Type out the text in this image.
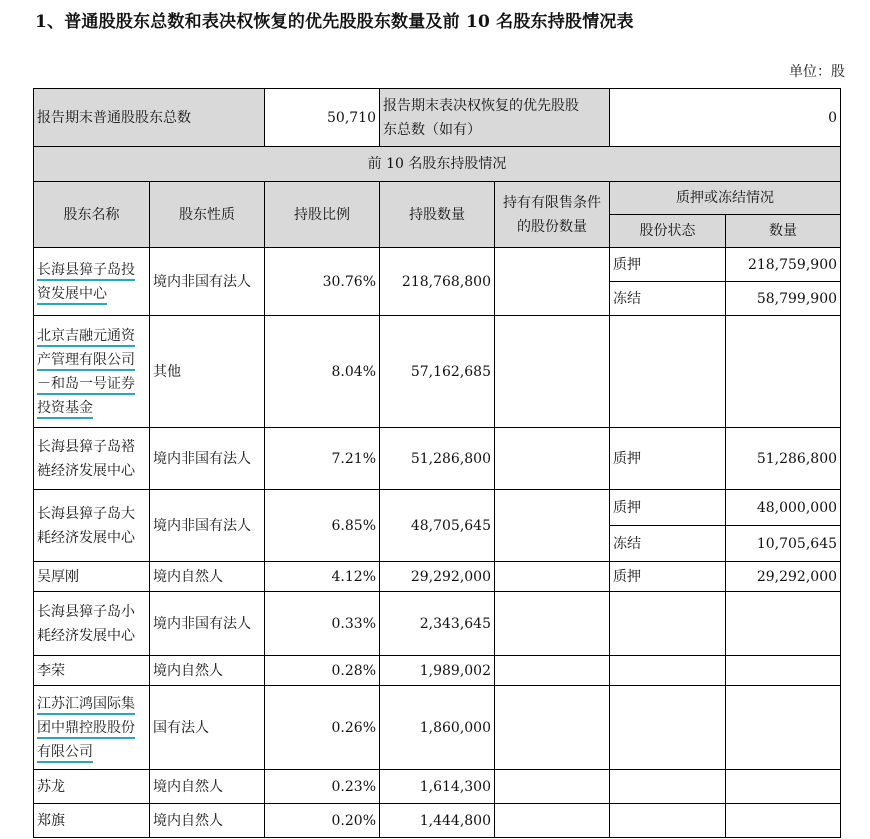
1、普通股股东总数和表决权恢复的优先股股东数量及前 10 名股东持股情况表
单位：股
报告期末普通股股东总数		50,710	报告期末表决权恢复的优先股股
东总数（如有）		0	
前 10 名股东持股情况						
股东名称	股东性质	持股比例	持股数量	持有有限售条件
的股份数量	质押或冻结情况	
					股份状态	数量

长海县獐子岛投
资发展中心	境内非国有法人	30.76%	218,768,800		质押	218,759,900
					冻结	58,799,900

北京吉融元通资
产管理有限公司
－和岛一号证券
投资基金	其他	8.04%	57,162,685			

长海县獐子岛褡
裢经济发展中心	境内非国有法人	7.21%	51,286,800		质押	51,286,800

长海县獐子岛大
耗经济发展中心	境内非国有法人	6.85%	48,705,645		质押	48,000,000
					冻结	10,705,645

吴厚刚	境内自然人	4.12%	29,292,000		质押	29,292,000

长海县獐子岛小
耗经济发展中心	境内非国有法人	0.33%	2,343,645			

李荣	境内自然人	0.28%	1,989,002			

江苏汇鸿国际集
团中鼎控股股份
有限公司	国有法人	0.26%	1,860,000			

苏龙	境内自然人	0.23%	1,614,300			

郑旗	境内自然人	0.20%	1,444,800			
